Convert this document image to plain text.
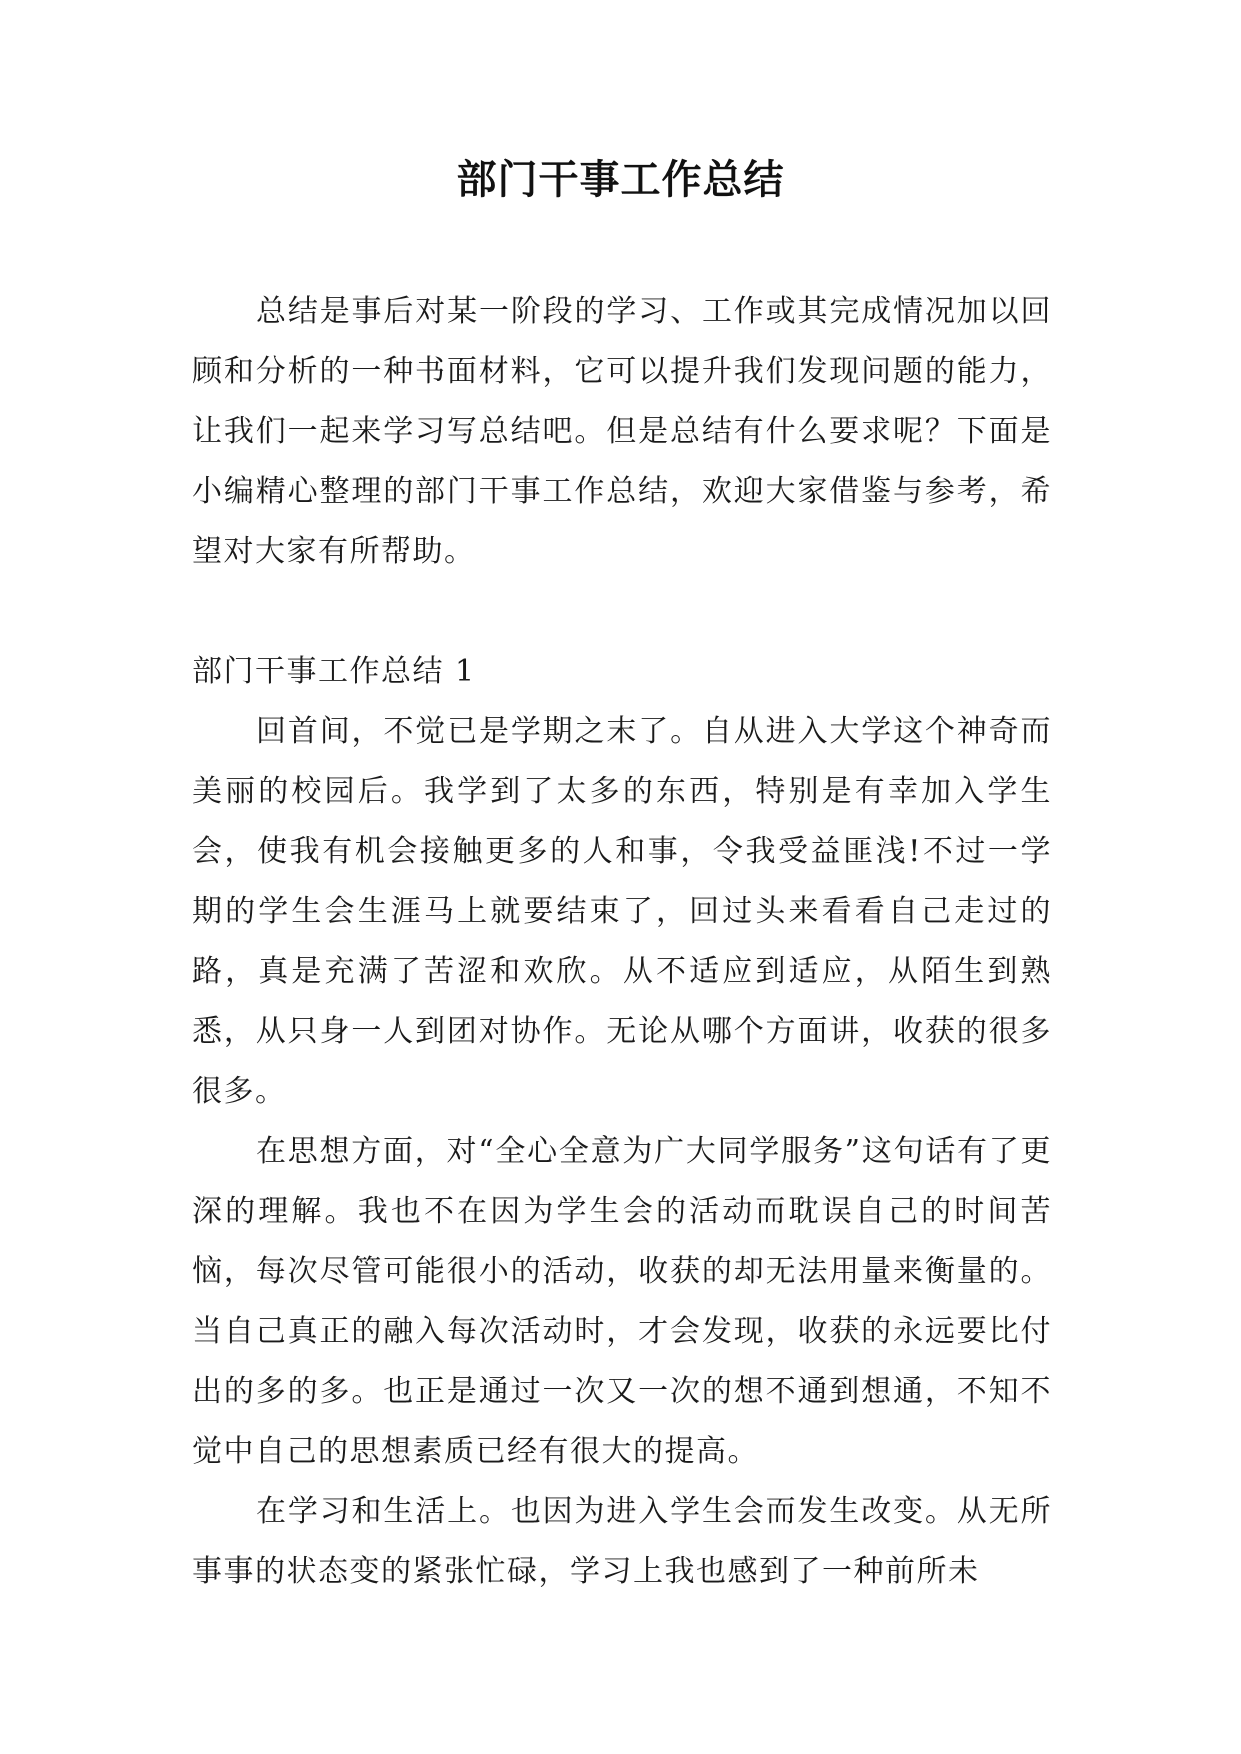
部门干事工作总结

总结是事后对某一阶段的学习、工作或其完成情况加以回顾和分析的一种书面材料，它可以提升我们发现问题的能力，让我们一起来学习写总结吧。但是总结有什么要求呢？下面是小编精心整理的部门干事工作总结，欢迎大家借鉴与参考，希望对大家有所帮助。

部门干事工作总结 1

回首间，不觉已是学期之末了。自从进入大学这个神奇而美丽的校园后。我学到了太多的东西，特别是有幸加入学生会，使我有机会接触更多的人和事，令我受益匪浅!不过一学期的学生会生涯马上就要结束了，回过头来看看自己走过的路，真是充满了苦涩和欢欣。从不适应到适应，从陌生到熟悉，从只身一人到团对协作。无论从哪个方面讲，收获的很多很多。

在思想方面，对“全心全意为广大同学服务”这句话有了更深的理解。我也不在因为学生会的活动而耽误自己的时间苦恼，每次尽管可能很小的活动，收获的却无法用量来衡量的。当自己真正的融入每次活动时，才会发现，收获的永远要比付出的多的多。也正是通过一次又一次的想不通到想通，不知不觉中自己的思想素质已经有很大的提高。

在学习和生活上。也因为进入学生会而发生改变。从无所事事的状态变的紧张忙碌，学习上我也感到了一种前所未
